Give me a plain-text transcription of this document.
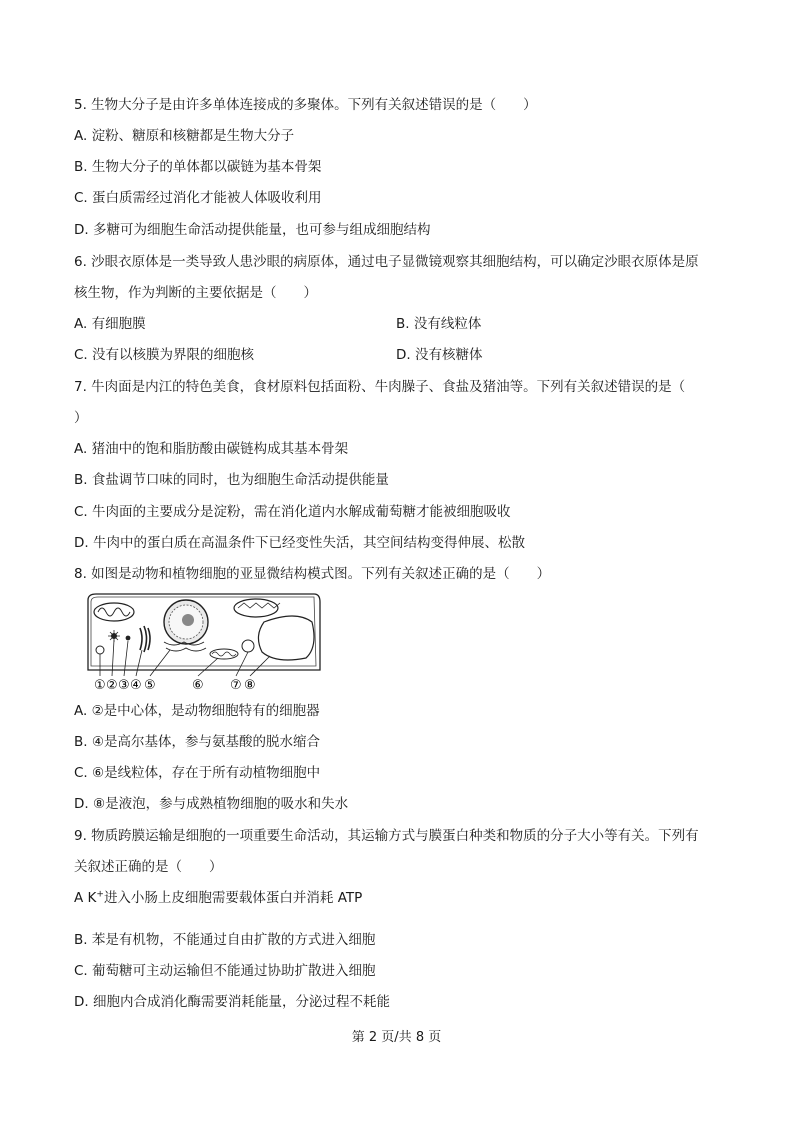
5. 生物大分子是由许多单体连接成的多聚体。下列有关叙述错误的是（　　）
A. 淀粉、糖原和核糖都是生物大分子
B. 生物大分子的单体都以碳链为基本骨架
C. 蛋白质需经过消化才能被人体吸收利用
D. 多糖可为细胞生命活动提供能量，也可参与组成细胞结构
6. 沙眼衣原体是一类导致人患沙眼的病原体，通过电子显微镜观察其细胞结构，可以确定沙眼衣原体是原
核生物，作为判断的主要依据是（　　）
A. 有细胞膜	B. 没有线粒体
C. 没有以核膜为界限的细胞核	D. 没有核糖体
7. 牛肉面是内江的特色美食，食材原料包括面粉、牛肉臊子、食盐及猪油等。下列有关叙述错误的是（
）
A. 猪油中的饱和脂肪酸由碳链构成其基本骨架
B. 食盐调节口味的同时，也为细胞生命活动提供能量
C. 牛肉面的主要成分是淀粉，需在消化道内水解成葡萄糖才能被细胞吸收
D. 牛肉中的蛋白质在高温条件下已经变性失活，其空间结构变得伸展、松散
8. 如图是动物和植物细胞的亚显微结构模式图。下列有关叙述正确的是（　　）
① ② ③ ④ ⑤	⑥ ⑦ ⑧
A. ②是中心体，是动物细胞特有的细胞器
B. ④是高尔基体，参与氨基酸的脱水缩合
C. ⑥是线粒体，存在于所有动植物细胞中
D. ⑧是液泡，参与成熟植物细胞的吸水和失水
9. 物质跨膜运输是细胞的一项重要生命活动，其运输方式与膜蛋白种类和物质的分子大小等有关。下列有
关叙述正确的是（　　）
A K+进入小肠上皮细胞需要载体蛋白并消耗 ATP
B. 苯是有机物，不能通过自由扩散的方式进入细胞
C. 葡萄糖可主动运输但不能通过协助扩散进入细胞
D. 细胞内合成消化酶需要消耗能量，分泌过程不耗能
第 2 页/共 8 页
